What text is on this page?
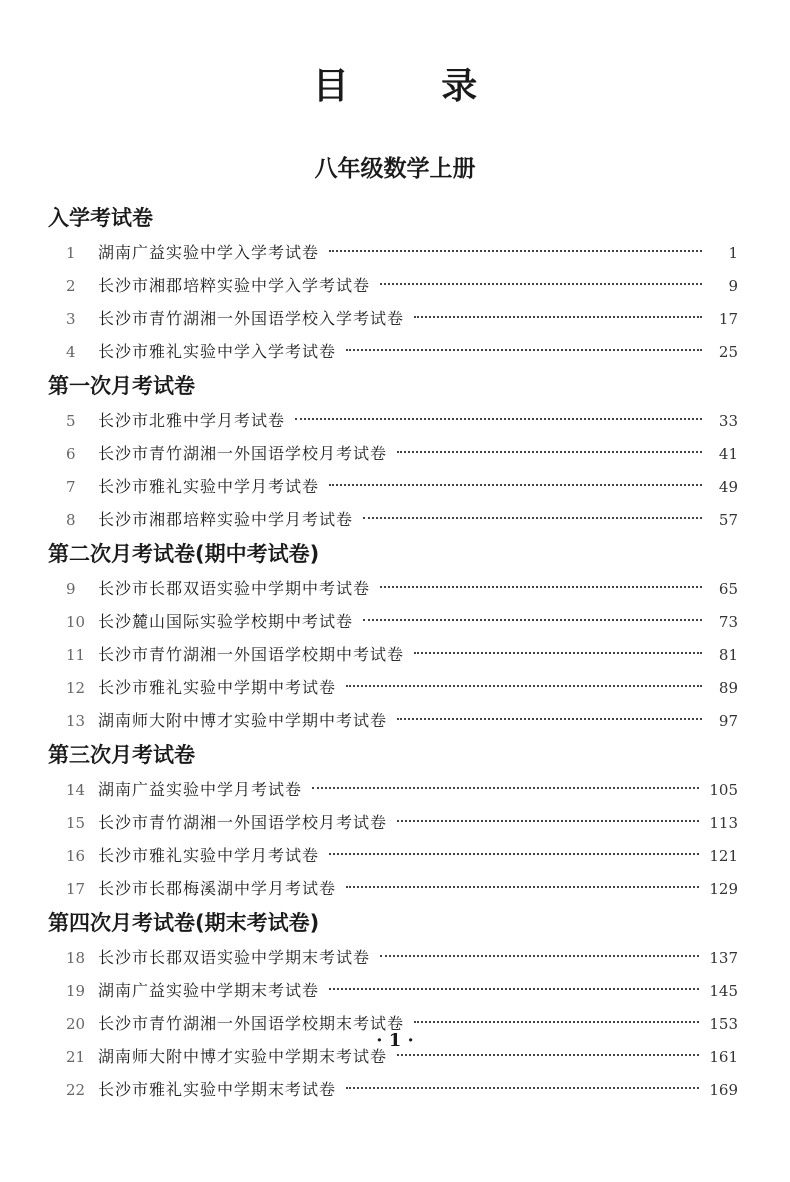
目 录
八年级数学上册
入学考试卷
1	湖南广益实验中学入学考试卷	1
2	长沙市湘郡培粹实验中学入学考试卷	9
3	长沙市青竹湖湘一外国语学校入学考试卷	17
4	长沙市雅礼实验中学入学考试卷	25
第一次月考试卷
5	长沙市北雅中学月考试卷	33
6	长沙市青竹湖湘一外国语学校月考试卷	41
7	长沙市雅礼实验中学月考试卷	49
8	长沙市湘郡培粹实验中学月考试卷	57
第二次月考试卷(期中考试卷)
9	长沙市长郡双语实验中学期中考试卷	65
10 长沙麓山国际实验学校期中考试卷	73
11 长沙市青竹湖湘一外国语学校期中考试卷	81
12 长沙市雅礼实验中学期中考试卷	89
13 湖南师大附中博才实验中学期中考试卷	97
第三次月考试卷
14 湖南广益实验中学月考试卷	105
15 长沙市青竹湖湘一外国语学校月考试卷	113
16 长沙市雅礼实验中学月考试卷	121
17 长沙市长郡梅溪湖中学月考试卷	129
第四次月考试卷(期末考试卷)
18 长沙市长郡双语实验中学期末考试卷	137
19 湖南广益实验中学期末考试卷	145
20 长沙市青竹湖湘一外国语学校期末考试卷	153
21 湖南师大附中博才实验中学期末考试卷	161
22 长沙市雅礼实验中学期末考试卷	169
· 1 ·
